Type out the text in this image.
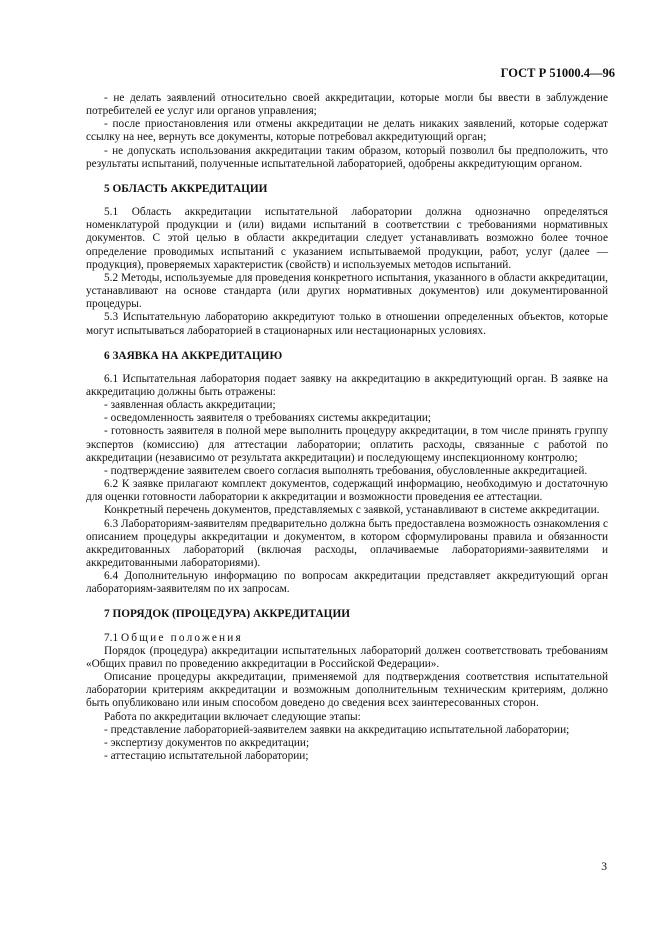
ГОСТ Р 51000.4—96

- не делать заявлений относительно своей аккредитации, которые могли бы ввести в заблуждение потребителей ее услуг или органов управления;

- после приостановления или отмены аккредитации не делать никаких заявлений, которые содержат ссылку на нее, вернуть все документы, которые потребовал аккредитующий орган;

- не допускать использования аккредитации таким образом, который позволил бы предположить, что результаты испытаний, полученные испытательной лабораторией, одобрены аккредитующим органом.

5 ОБЛАСТЬ АККРЕДИТАЦИИ

5.1 Область аккредитации испытательной лаборатории должна однозначно определяться номенклатурой продукции и (или) видами испытаний в соответствии с требованиями нормативных документов. С этой целью в области аккредитации следует устанавливать возможно более точное определение проводимых испытаний с указанием испытываемой продукции, работ, услуг (далее — продукция), проверяемых характеристик (свойств) и используемых методов испытаний.

5.2 Методы, используемые для проведения конкретного испытания, указанного в области аккредитации, устанавливают на основе стандарта (или других нормативных документов) или документированной процедуры.

5.3 Испытательную лабораторию аккредитуют только в отношении определенных объектов, которые могут испытываться лабораторией в стационарных или нестационарных условиях.

6 ЗАЯВКА НА АККРЕДИТАЦИЮ

6.1 Испытательная лаборатория подает заявку на аккредитацию в аккредитующий орган. В заявке на аккредитацию должны быть отражены:

- заявленная область аккредитации;

- осведомленность заявителя о требованиях системы аккредитации;

- готовность заявителя в полной мере выполнить процедуру аккредитации, в том числе принять группу экспертов (комиссию) для аттестации лаборатории; оплатить расходы, связанные с работой по аккредитации (независимо от результата аккредитации) и последующему инспекционному контролю;

- подтверждение заявителем своего согласия выполнять требования, обусловленные аккредитацией.

6.2 К заявке прилагают комплект документов, содержащий информацию, необходимую и достаточную для оценки готовности лаборатории к аккредитации и возможности проведения ее аттестации.

Конкретный перечень документов, представляемых с заявкой, устанавливают в системе аккредитации.

6.3 Лабораториям-заявителям предварительно должна быть предоставлена возможность ознакомления с описанием процедуры аккредитации и документом, в котором сформулированы правила и обязанности аккредитованных лабораторий (включая расходы, оплачиваемые лабораториями-заявителями и аккредитованными лабораториями).

6.4 Дополнительную информацию по вопросам аккредитации представляет аккредитующий орган лабораториям-заявителям по их запросам.

7 ПОРЯДОК (ПРОЦЕДУРА) АККРЕДИТАЦИИ

7.1 Общие положения

Порядок (процедура) аккредитации испытательных лабораторий должен соответствовать требованиям «Общих правил по проведению аккредитации в Российской Федерации».

Описание процедуры аккредитации, применяемой для подтверждения соответствия испытательной лаборатории критериям аккредитации и возможным дополнительным техническим критериям, должно быть опубликовано или иным способом доведено до сведения всех заинтересованных сторон.

Работа по аккредитации включает следующие этапы:

- представление лабораторией-заявителем заявки на аккредитацию испытательной лаборатории;

- экспертизу документов по аккредитации;

- аттестацию испытательной лаборатории;

3
